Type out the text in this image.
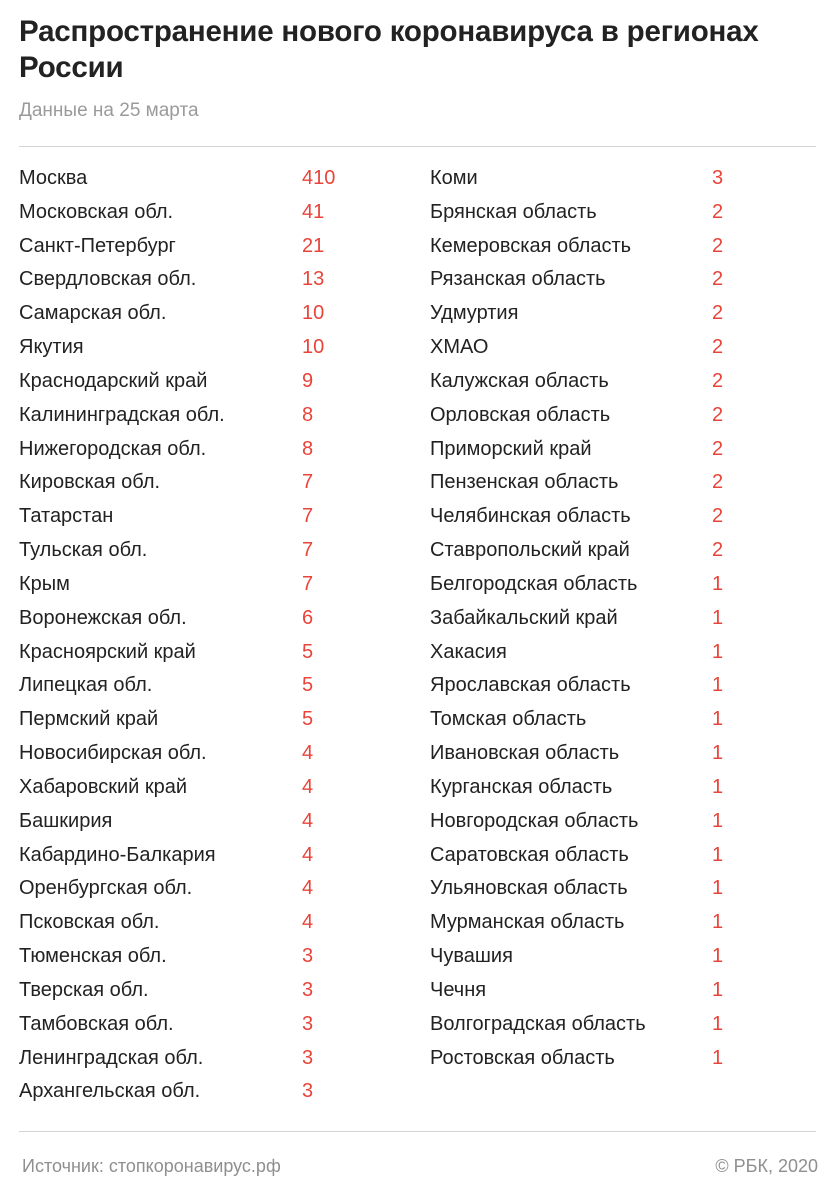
Распространение нового коронавируса в регионах России
Данные на 25 марта
Москва	410
Московская обл.	41
Санкт-Петербург	21
Свердловская обл.	13
Самарская обл.	10
Якутия	10
Краснодарский край	9
Калининградская обл.	8
Нижегородская обл.	8
Кировская обл.	7
Татарстан	7
Тульская обл.	7
Крым	7
Воронежская обл.	6
Красноярский край	5
Липецкая обл.	5
Пермский край	5
Новосибирская обл.	4
Хабаровский край	4
Башкирия	4
Кабардино-Балкария	4
Оренбургская обл.	4
Псковская обл.	4
Тюменская обл.	3
Тверская обл.	3
Тамбовская обл.	3
Ленинградская обл.	3
Архангельская обл.	3
Коми	3
Брянская область	2
Кемеровская область	2
Рязанская область	2
Удмуртия	2
ХМАО	2
Калужская область	2
Орловская область	2
Приморский край	2
Пензенская область	2
Челябинская область	2
Ставропольский край	2
Белгородская область	1
Забайкальский край	1
Хакасия	1
Ярославская область	1
Томская область	1
Ивановская область	1
Курганская область	1
Новгородская область	1
Саратовская область	1
Ульяновская область	1
Мурманская область	1
Чувашия	1
Чечня	1
Волгоградская область	1
Ростовская область	1
Источник: стопкоронавирус.рф	© РБК, 2020
